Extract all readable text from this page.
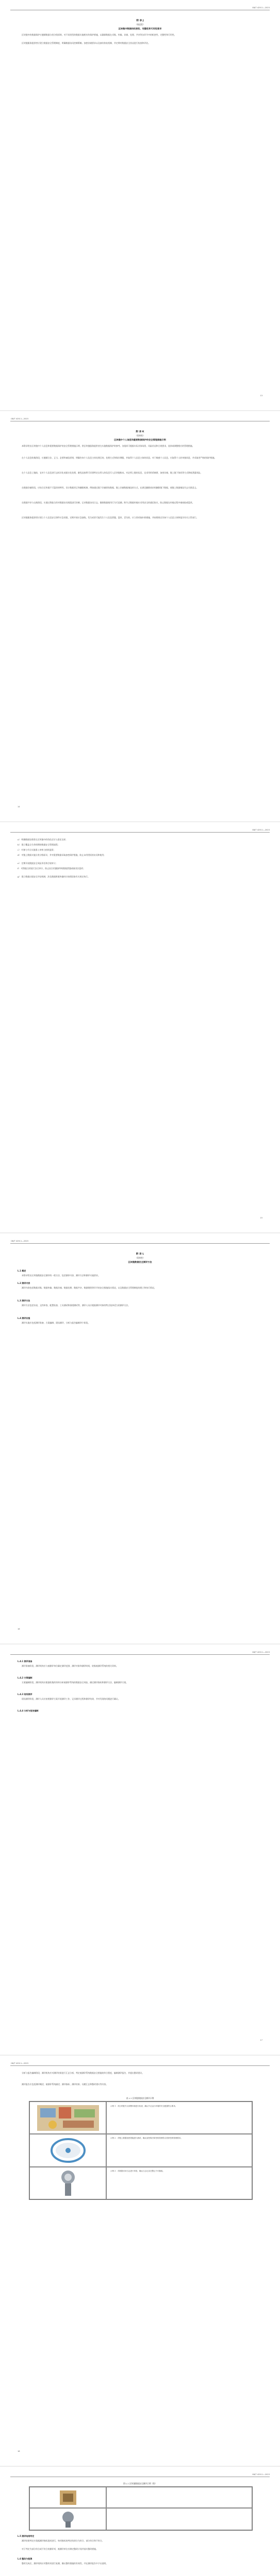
GB/T 42511—2023
附 录 J
（规范性）
区块链中数据的机密性、完整性和可用性要求
区块链中的数据保护应遵循数据分类分级原则，对不同类型的数据实施相应的保护措施，以确保数据在采集、传输、存储、处理、共享等各环节中的机密性、完整性和可用性。
区块链服务提供者应建立数据安全管理制度，明确数据访问控制策略、加密存储要求以及备份恢复机制，并定期对数据安全状况进行检查和评估。
13
GB/T 42511—2023
附 录 K
（资料性）
区块链中个人信息和重要数据保护的安全管理措施示例
本附录给出区块链中个人信息和重要数据保护的安全管理措施示例，供区块链服务提供者在实施数据保护时参考。各组织可根据实际业务场景、风险状况和合规要求，选择或调整相应的管理措施。
在个人信息收集阶段，应遵循合法、正当、必要和诚信原则，明确告知个人信息主体处理目的、处理方式和保存期限，并取得个人信息主体的同意。对于敏感个人信息，应取得个人的单独同意，并采取更严格的保护措施。
在个人信息上链前，宜对个人信息进行去标识化或匿名化处理，避免直接将可识别特定自然人的信息写入区块链账本。对必须上链的信息，宜采用哈希摘要、加密存储、链上链下协同等方式降低泄露风险。
在数据存储阶段，应结合区块链不可篡改的特性，设计数据更正和删除机制，例如通过链下存储原始数据、链上存储数据指纹的方式，在满足删除请求时删除链下数据，使链上数据指纹失去关联意义。
在数据共享与交换阶段，应通过智能合约对数据访问权限进行控制，记录数据访问日志，确保数据使用行为可追溯。跨节点数据传输应采用安全的通信协议，防止数据在传输过程中被窃取或篡改。
区块链服务提供者应建立个人信息安全事件应急预案，定期开展应急演练。发生或者可能发生个人信息泄露、篡改、丢失的，应立即采取补救措施，并按照规定告知个人信息主体和报告有关主管部门。
14
GB/T 42511—2023
a） 明确数据处理者在区块链中的角色定位与责任边界；
b） 建立覆盖全生命周期的数据安全管理流程；
c） 对参与节点实施准入审核与持续监督；
d） 对链上数据实施分类分级标识，并对重要数据采取加密保护措施，防止未经授权的访问和使用；
e） 定期开展数据安全风险评估和合规审计；
f） 对智能合约进行安全审计，防止因合约漏洞导致数据泄露或被非法篡改；
g） 建立数据出境安全评估机制，涉及数据跨境传输时应按照国家有关规定执行。
15
GB/T 42511—2023
附 录 L
（资料性）
区块链数据安全测评方法
L.1 概述
本附录给出区块链数据安全测评的一般方法，包括测评内容、测评方法和测评实施要求。
L.2 测评内容
测评内容包括数据采集、数据传输、数据存储、数据处理、数据共享、数据销毁等环节的安全措施落实情况，以及数据安全管理制度的建立和执行情况。
L.3 测评方法
测评方法包括访谈、文档审查、配置检查、工具测试和渗透测试等，测评人员应根据测评对象的特点选择适当的测评方法。
L.4 测评实施
测评实施应包括测评准备、方案编制、现场测评、分析与报告编制四个阶段。
16
GB/T 42511—2023
L.4.1 测评准备
测评准备阶段，测评机构应与被测评单位确定测评范围、测评对象和测评时间，收集被测评系统的相关资料。
L.4.2 方案编制
方案编制阶段，测评机构应根据收集的资料分析被测评系统的数据安全风险，确定测评指标和测评方法，编制测评方案。
L.4.3 现场测评
现场测评阶段，测评人员应按照测评方案开展测评工作，记录测评过程和测评结果，并对发现的问题进行确认。
L.4.4 分析与报告编制
17
GB/T 42511—2023
分析与报告编制阶段，测评机构应对测评结果进行汇总分析，判定被测评系统数据安全措施的符合程度，编制测评报告，并提出整改建议。
测评报告应包括测评概述、被测评系统描述、测评指标、测评结果、问题汇总和整改建议等内容。
表 L.1 区块链数据安全测评示例
示例 1：对区块链节点部署环境进行检查，确认节点运行环境的安全配置符合要求。
示例 2：对链上数据加密措施进行测试，确认加密算法和密钥管理符合国家密码管理要求。
示例 3：对数据访问日志进行审查，确认日志记录完整且不可篡改。
18
GB/T 42511—2023
图 L.1 区块链数据安全测评示例（续）
L.5 测评结果判定
测评结果判定应依据测评指标逐项进行，每项指标的判定结果分为符合、部分符合和不符合。
对于判定为部分符合或不符合的测评项，被测评单位应制定整改计划并落实整改措施。
L.6 整改与复测
整改完成后，测评机构应对整改项进行复测，确认整改措施的有效性，并在测评报告中予以说明。
